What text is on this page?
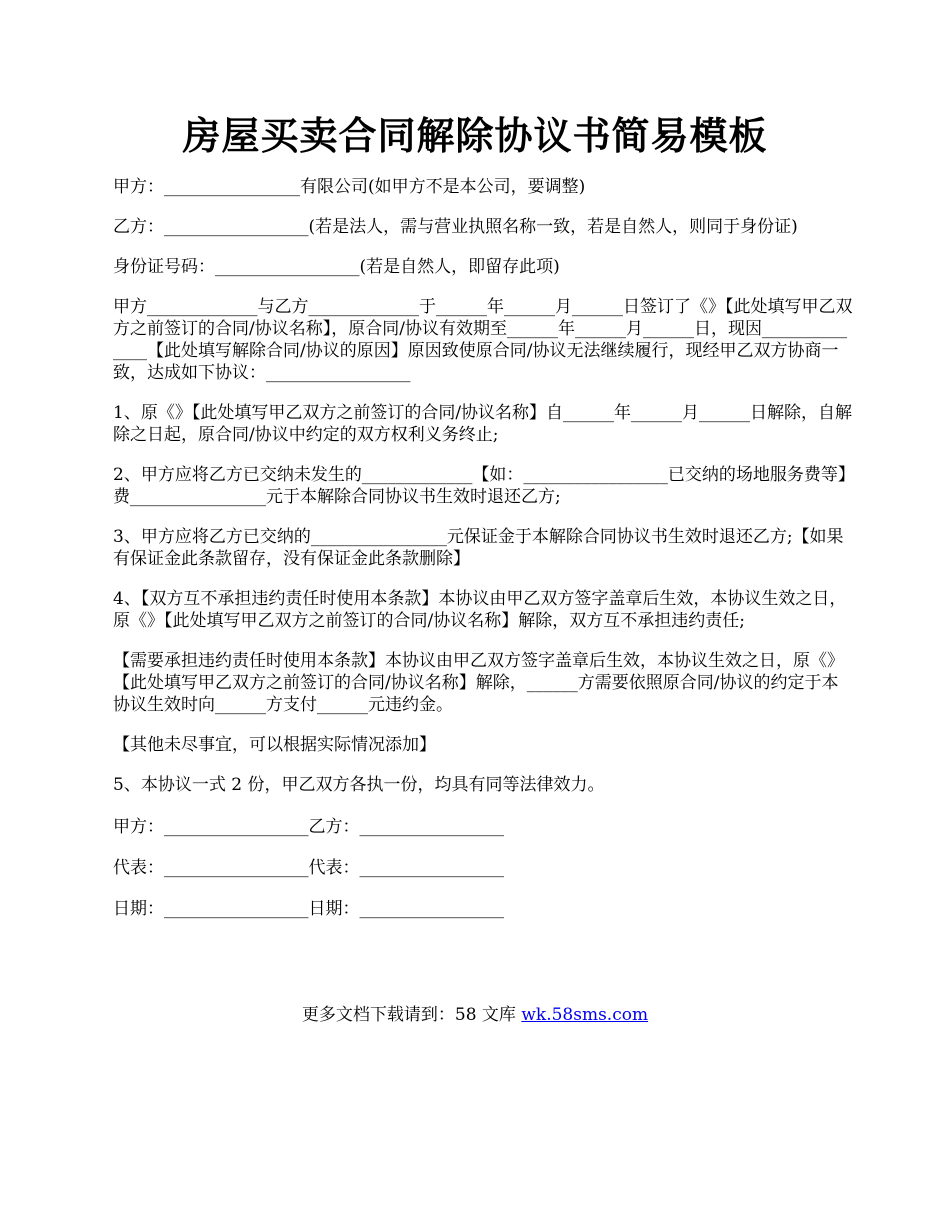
房屋买卖合同解除协议书简易模板

甲方：________________有限公司(如甲方不是本公司，要调整)

乙方：_________________(若是法人，需与营业执照名称一致，若是自然人，则同于身份证)

身份证号码：_________________(若是自然人，即留存此项)

甲方_____________与乙方_____________于______年______月______日签订了《》【此处填写甲乙双方之前签订的合同/协议名称】，原合同/协议有效期至______年______月______日，现因______________【此处填写解除合同/协议的原因】原因致使原合同/协议无法继续履行，现经甲乙双方协商一致，达成如下协议：_________________

1、原《》【此处填写甲乙双方之前签订的合同/协议名称】自______年______月______日解除，自解除之日起，原合同/协议中约定的双方权利义务终止;

2、甲方应将乙方已交纳未发生的_____________【如：_________________已交纳的场地服务费等】费________________元于本解除合同协议书生效时退还乙方;

3、甲方应将乙方已交纳的________________元保证金于本解除合同协议书生效时退还乙方;【如果有保证金此条款留存，没有保证金此条款删除】

4、【双方互不承担违约责任时使用本条款】本协议由甲乙双方签字盖章后生效，本协议生效之日，原《》【此处填写甲乙双方之前签订的合同/协议名称】解除，双方互不承担违约责任;

【需要承担违约责任时使用本条款】本协议由甲乙双方签字盖章后生效，本协议生效之日，原《》【此处填写甲乙双方之前签订的合同/协议名称】解除，______方需要依照原合同/协议的约定于本协议生效时向______方支付______元违约金。

【其他未尽事宜，可以根据实际情况添加】

5、本协议一式 2 份，甲乙双方各执一份，均具有同等法律效力。

甲方：_________________乙方：_________________
代表：_________________代表：_________________
日期：_________________日期：_________________
更多文档下载请到：58 文库 wk.58sms.com
